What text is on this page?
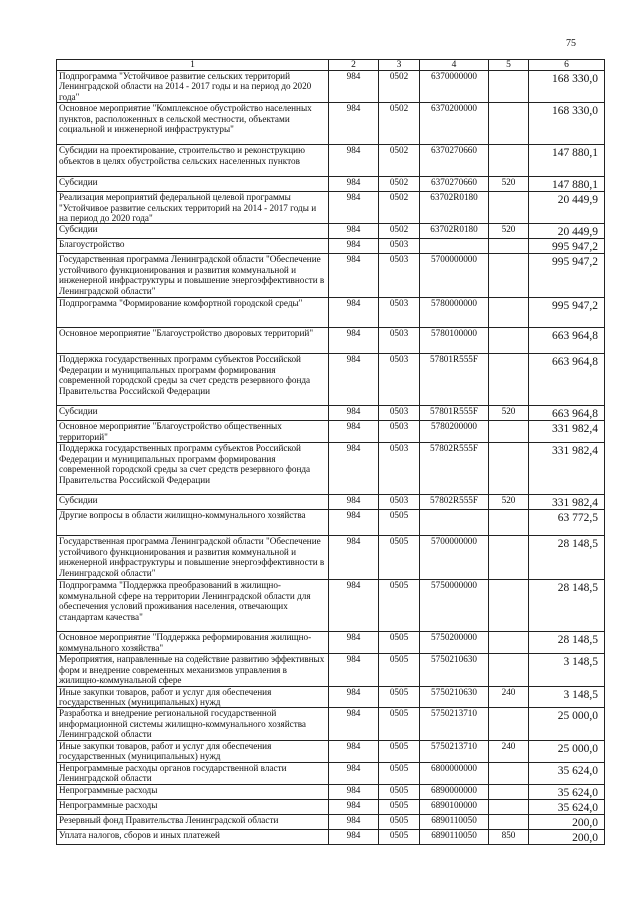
75
1	2	3	4	5	6
Подпрограмма "Устойчивое развитие сельских территорий Ленинградской области на 2014 - 2017 годы и на период до 2020 года"	984	0502	6370000000		168 330,0
Основное мероприятие "Комплексное обустройство населенных пунктов, расположенных в сельской местности, объектами социальной и инженерной инфраструктуры"	984	0502	6370200000		168 330,0
Субсидии на проектирование, строительство и реконструкцию объектов в целях обустройства сельских населенных пунктов	984	0502	6370270660		147 880,1
Субсидии	984	0502	6370270660	520	147 880,1
Реализация мероприятий федеральной целевой программы "Устойчивое развитие сельских территорий на 2014 - 2017 годы и на период до 2020 года"	984	0502	63702R0180		20 449,9
Субсидии	984	0502	63702R0180	520	20 449,9
Благоустройство	984	0503			995 947,2
Государственная программа Ленинградской области "Обеспечение устойчивого функционирования и развития коммунальной и инженерной инфраструктуры и повышение энергоэффективности в Ленинградской области"	984	0503	5700000000		995 947,2
Подпрограмма "Формирование комфортной городской среды"	984	0503	5780000000		995 947,2
Основное мероприятие "Благоустройство дворовых территорий"	984	0503	5780100000		663 964,8
Поддержка государственных программ субъектов Российской Федерации и муниципальных программ формирования современной городской среды за счет средств резервного фонда Правительства Российской Федерации	984	0503	57801R555F		663 964,8
Субсидии	984	0503	57801R555F	520	663 964,8
Основное мероприятие "Благоустройство общественных территорий"	984	0503	5780200000		331 982,4
Поддержка государственных программ субъектов Российской Федерации и муниципальных программ формирования современной городской среды за счет средств резервного фонда Правительства Российской Федерации	984	0503	57802R555F		331 982,4
Субсидии	984	0503	57802R555F	520	331 982,4
Другие вопросы в области жилищно-коммунального хозяйства	984	0505			63 772,5
Государственная программа Ленинградской области "Обеспечение устойчивого функционирования и развития коммунальной и инженерной инфраструктуры и повышение энергоэффективности в Ленинградской области"	984	0505	5700000000		28 148,5
Подпрограмма "Поддержка преобразований в жилищно-коммунальной сфере на территории Ленинградской области для обеспечения условий проживания населения, отвечающих стандартам качества"	984	0505	5750000000		28 148,5
Основное мероприятие "Поддержка реформирования жилищно-коммунального хозяйства"	984	0505	5750200000		28 148,5
Мероприятия, направленные на содействие развитию эффективных форм и внедрение современных механизмов управления в жилищно-коммунальной сфере	984	0505	5750210630		3 148,5
Иные закупки товаров, работ и услуг для обеспечения государственных (муниципальных) нужд	984	0505	5750210630	240	3 148,5
Разработка и внедрение региональной государственной информационной системы жилищно-коммунального хозяйства Ленинградской области	984	0505	5750213710		25 000,0
Иные закупки товаров, работ и услуг для обеспечения государственных (муниципальных) нужд	984	0505	5750213710	240	25 000,0
Непрограммные расходы органов государственной власти Ленинградской области	984	0505	6800000000		35 624,0
Непрограммные расходы	984	0505	6890000000		35 624,0
Непрограммные расходы	984	0505	6890100000		35 624,0
Резервный фонд Правительства Ленинградской области	984	0505	6890110050		200,0
Уплата налогов, сборов и иных платежей	984	0505	6890110050	850	200,0
